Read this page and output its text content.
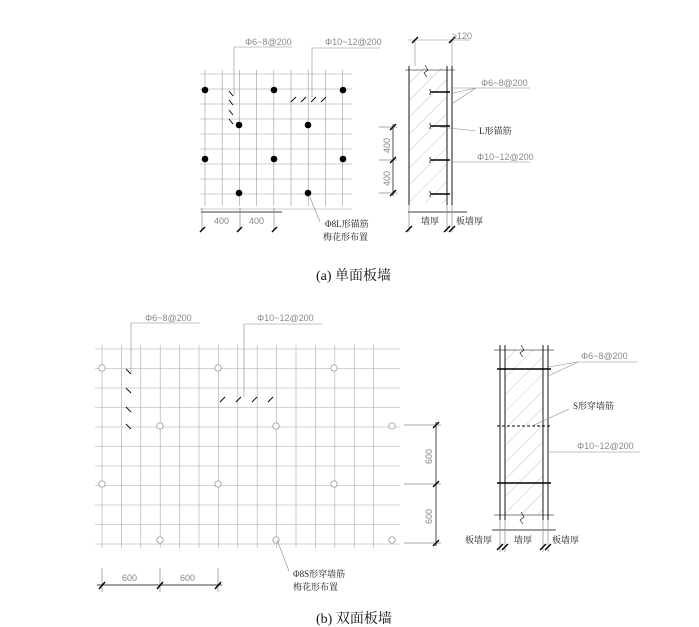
Φ6~8@200	Φ10~12@200
400 400
400
400
Φ8L形锚筋
梅花形布置
≥120
Φ6~8@200
L形锚筋
Φ10~12@200
墙厚 板墙厚
(a) 单面板墙
Φ6~8@200	Φ10~12@200
600	600
600
600
Φ8S形穿墙筋
梅花形布置
Φ6~8@200
S形穿墙筋
Φ10~12@200
板墙厚 墙厚 板墙厚
(b) 双面板墙
